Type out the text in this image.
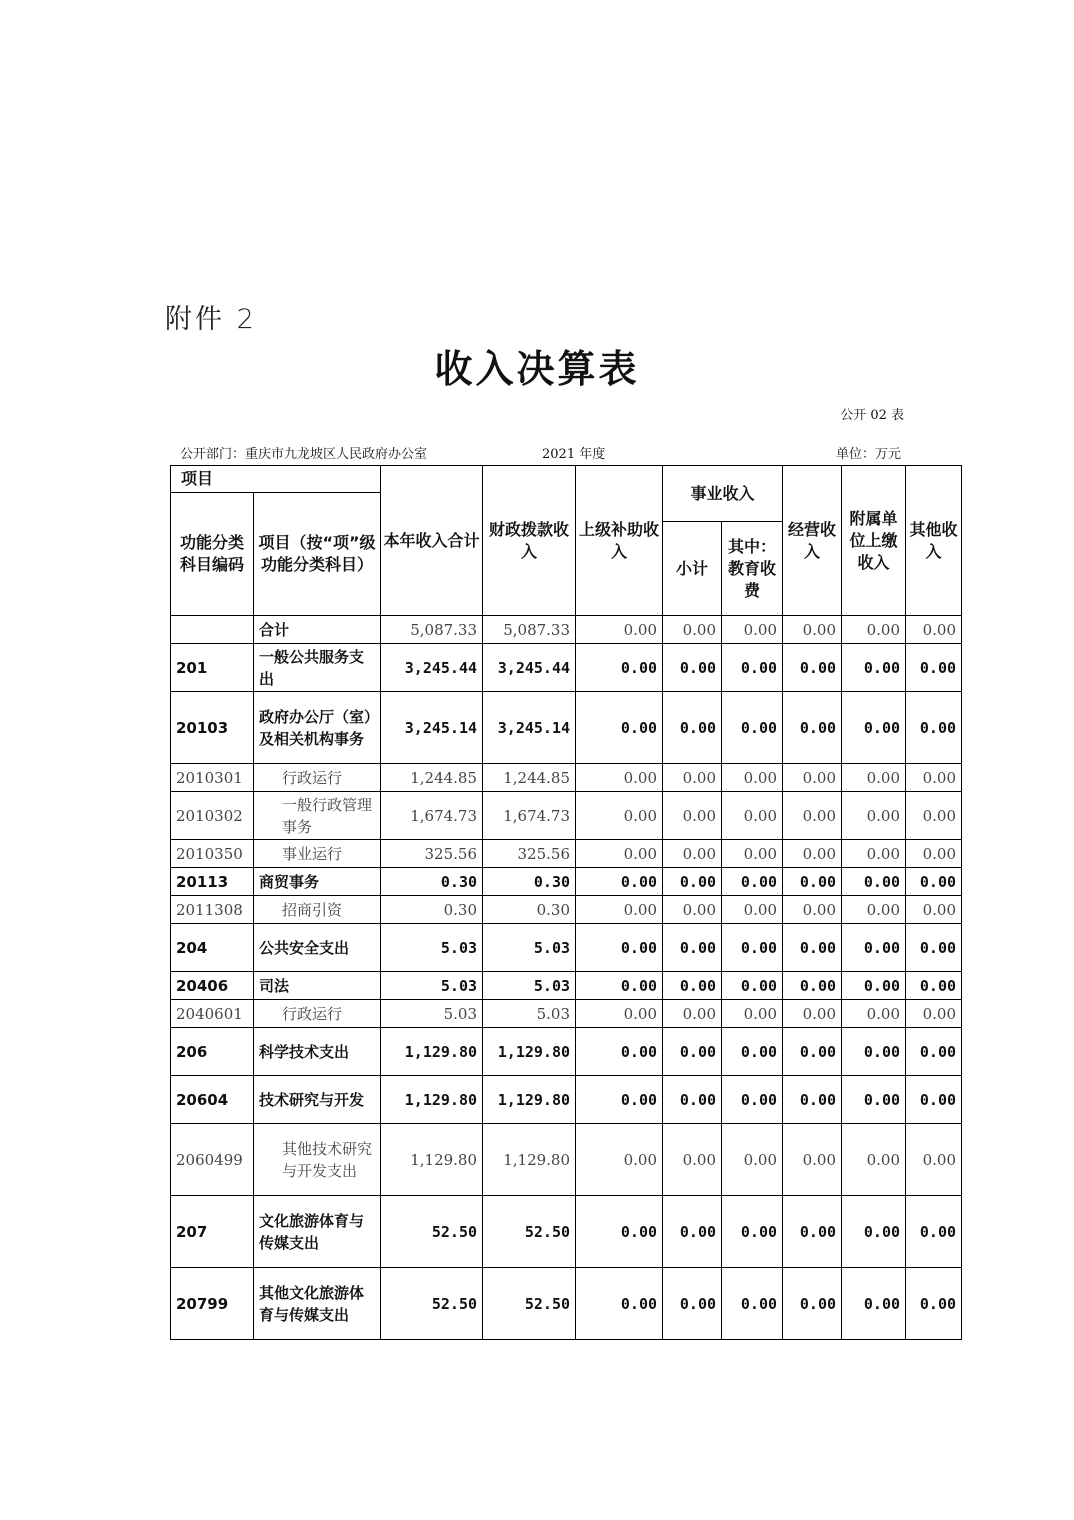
附件 2
收入决算表
公开 02 表
公开部门：重庆市九龙坡区人民政府办公室	2021 年度	单位：万元
项目		本年收入合计	财政拨款收入	上级补助收入	事业收入		经营收入	附属单位上缴收入	其他收入
功能分类科目编码	项目（按“项”级功能分类科目）								
					小计	其中：教育收费			
	合计	5,087.33	5,087.33	0.00	0.00	0.00	0.00	0.00	0.00
201	一般公共服务支出	3,245.44	3,245.44	0.00	0.00	0.00	0.00	0.00	0.00
20103	政府办公厅（室）及相关机构事务	3,245.14	3,245.14	0.00	0.00	0.00	0.00	0.00	0.00
2010301	行政运行	1,244.85	1,244.85	0.00	0.00	0.00	0.00	0.00	0.00
2010302	一般行政管理事务	1,674.73	1,674.73	0.00	0.00	0.00	0.00	0.00	0.00
2010350	事业运行	325.56	325.56	0.00	0.00	0.00	0.00	0.00	0.00
20113	商贸事务	0.30	0.30	0.00	0.00	0.00	0.00	0.00	0.00
2011308	招商引资	0.30	0.30	0.00	0.00	0.00	0.00	0.00	0.00
204	公共安全支出	5.03	5.03	0.00	0.00	0.00	0.00	0.00	0.00
20406	司法	5.03	5.03	0.00	0.00	0.00	0.00	0.00	0.00
2040601	行政运行	5.03	5.03	0.00	0.00	0.00	0.00	0.00	0.00
206	科学技术支出	1,129.80	1,129.80	0.00	0.00	0.00	0.00	0.00	0.00
20604	技术研究与开发	1,129.80	1,129.80	0.00	0.00	0.00	0.00	0.00	0.00
2060499	其他技术研究与开发支出	1,129.80	1,129.80	0.00	0.00	0.00	0.00	0.00	0.00
207	文化旅游体育与传媒支出	52.50	52.50	0.00	0.00	0.00	0.00	0.00	0.00
20799	其他文化旅游体育与传媒支出	52.50	52.50	0.00	0.00	0.00	0.00	0.00	0.00
